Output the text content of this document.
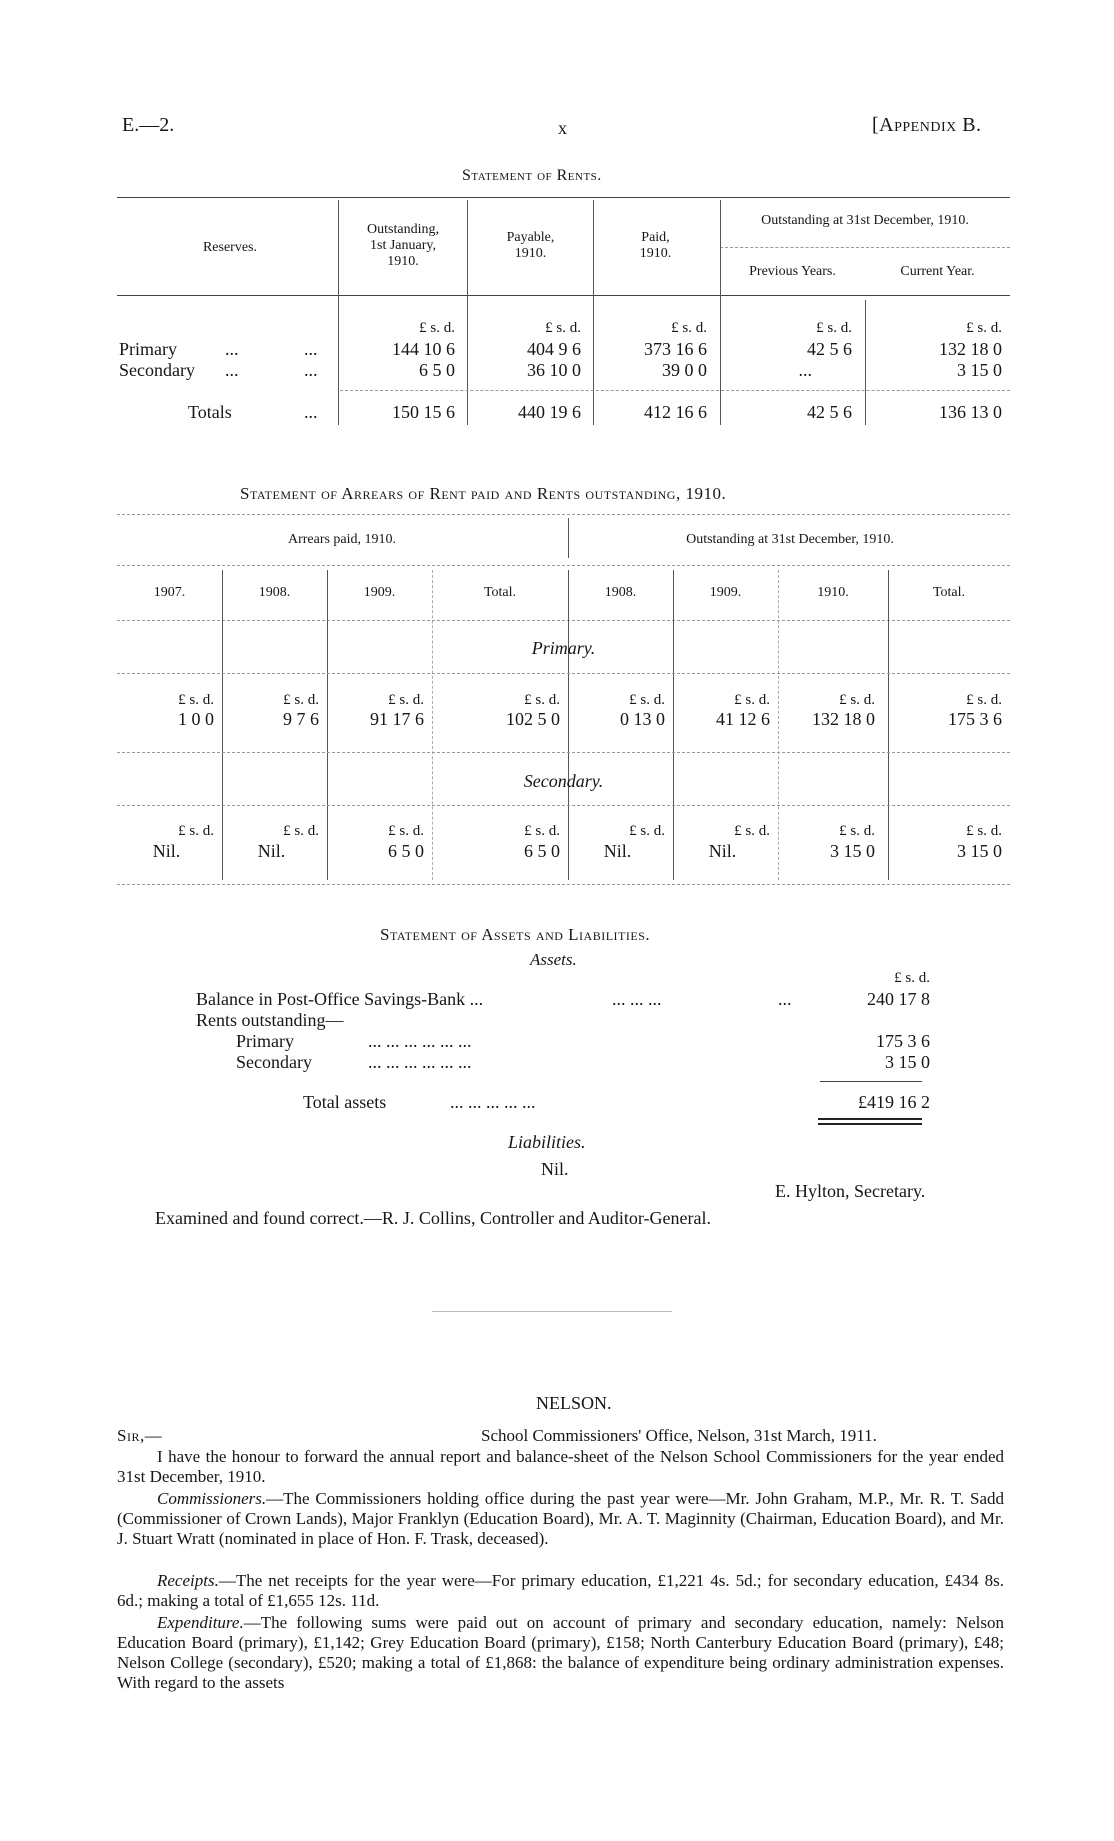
E.—2.	x	[Appendix B.
Statement of Rents.
Reserves.
Outstanding,
1st January,
1910.
Payable,
1910.
Paid,
1910.
Outstanding at 31st December, 1910.
Previous Years.	Current Year.
£ s. d.	£ s. d.	£ s. d.	£ s. d.	£ s. d.
Primary	...	...	144 10 6	404 9 6	373 16 6	42 5 6	132 18 0
Secondary ...	...	6 5 0	36 10 0	39 0 0	...	3 15 0
Totals	...	150 15 6	440 19 6	412 16 6	42 5 6	136 13 0
Statement of Arrears of Rent paid and Rents outstanding, 1910.
Arrears paid, 1910.	Outstanding at 31st December, 1910.
1907.	1908.	1909.	Total.	1908.	1909.	1910.	Total.
Primary.
£ s. d.	£ s. d.	£ s. d.	£ s. d.	£ s. d.	£ s. d.	£ s. d.	£ s. d.
1 0 0	9 7 6	91 17 6	102 5 0	0 13 0	41 12 6	132 18 0	175 3 6
Secondary.
£ s. d.	£ s. d.	£ s. d.	£ s. d.	£ s. d.	£ s. d.	£ s. d.	£ s. d.
Nil.	Nil.	6 5 0	6 5 0	Nil.	Nil.	3 15 0	3 15 0
Statement of Assets and Liabilities.
Assets.
£ s. d.
Balance in Post-Office Savings-Bank ...	... ... ...	...	240 17 8
Rents outstanding—
Primary	... ... ... ... ... ...	175 3 6
Secondary	... ... ... ... ... ...	3 15 0
Total assets	... ... ... ... ...	£419 16 2
Liabilities.
Nil.
E. Hylton, Secretary.
Examined and found correct.—R. J. Collins, Controller and Auditor-General.
NELSON.
Sir,—	School Commissioners' Office, Nelson, 31st March, 1911.
I have the honour to forward the annual report and balance-sheet of the Nelson School Commissioners for the year ended 31st December, 1910.
Commissioners.—The Commissioners holding office during the past year were—Mr. John Graham, M.P., Mr. R. T. Sadd (Commissioner of Crown Lands), Major Franklyn (Education Board), Mr. A. T. Maginnity (Chairman, Education Board), and Mr. J. Stuart Wratt (nominated in place of Hon. F. Trask, deceased).
Receipts.—The net receipts for the year were—For primary education, £1,221 4s. 5d.; for secondary education, £434 8s. 6d.; making a total of £1,655 12s. 11d.
Expenditure.—The following sums were paid out on account of primary and secondary education, namely: Nelson Education Board (primary), £1,142; Grey Education Board (primary), £158; North Canterbury Education Board (primary), £48; Nelson College (secondary), £520; making a total of £1,868: the balance of expenditure being ordinary administration expenses. With regard to the assets
